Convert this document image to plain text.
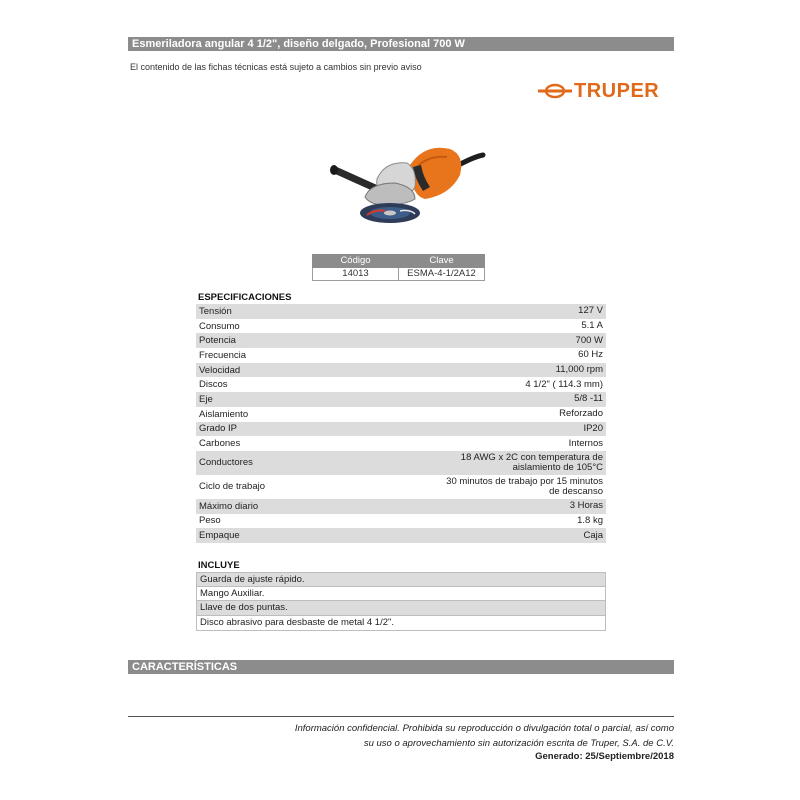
Esmeriladora angular 4 1/2", diseño delgado, Profesional 700 W
El contenido de las fichas técnicas está sujeto a cambios sin previo aviso
TRUPER
Código	Clave
14013	ESMA-4-1/2A12
ESPECIFICACIONES
Tensión	127 V
Consumo	5.1 A
Potencia	700 W
Frecuencia	60 Hz
Velocidad	11,000 rpm
Discos	4 1/2" ( 114.3 mm)
Eje	5/8 -11
Aislamiento	Reforzado
Grado IP	IP20
Carbones	Internos
Conductores	18 AWG x 2C con temperatura de
aislamiento de 105°C
Ciclo de trabajo	30 minutos de trabajo por 15 minutos
de descanso
Máximo diario	3 Horas
Peso	1.8 kg
Empaque	Caja
INCLUYE
Guarda de ajuste rápido.
Mango Auxiliar.
Llave de dos puntas.
Disco abrasivo para desbaste de metal 4 1/2".
CARACTERÍSTICAS
Información confidencial. Prohibida su reproducción o divulgación total o parcial, así como
su uso o aprovechamiento sin autorización escrita de Truper, S.A. de C.V.
Generado: 25/Septiembre/2018
